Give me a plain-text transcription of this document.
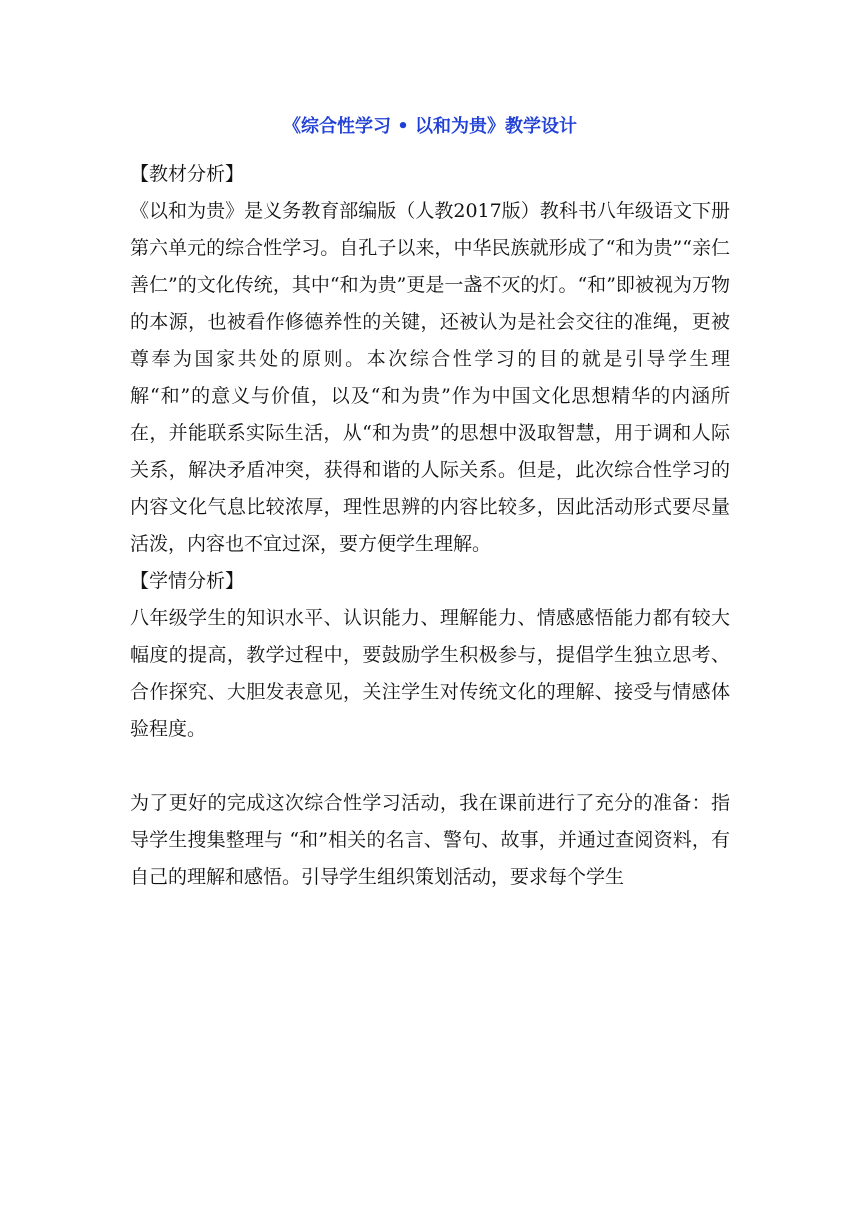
《综合性学习 • 以和为贵》教学设计
【教材分析】

《以和为贵》是义务教育部编版（人教2017版）教科书八年级语文下册第六单元的综合性学习。自孔子以来，中华民族就形成了“和为贵”“亲仁善仁”的文化传统，其中“和为贵”更是一盏不灭的灯。“和”即被视为万物的本源，也被看作修德养性的关键，还被认为是社会交往的准绳，更被尊奉为国家共处的原则。本次综合性学习的目的就是引导学生理解“和”的意义与价值，以及“和为贵”作为中国文化思想精华的内涵所在，并能联系实际生活，从“和为贵”的思想中汲取智慧，用于调和人际关系，解决矛盾冲突，获得和谐的人际关系。但是，此次综合性学习的内容文化气息比较浓厚，理性思辨的内容比较多，因此活动形式要尽量活泼，内容也不宜过深，要方便学生理解。

【学情分析】

八年级学生的知识水平、认识能力、理解能力、情感感悟能力都有较大幅度的提高，教学过程中，要鼓励学生积极参与，提倡学生独立思考、合作探究、大胆发表意见，关注学生对传统文化的理解、接受与情感体验程度。

为了更好的完成这次综合性学习活动，我在课前进行了充分的准备：指导学生搜集整理与 “和”相关的名言、警句、故事，并通过查阅资料，有自己的理解和感悟。引导学生组织策划活动，要求每个学生
